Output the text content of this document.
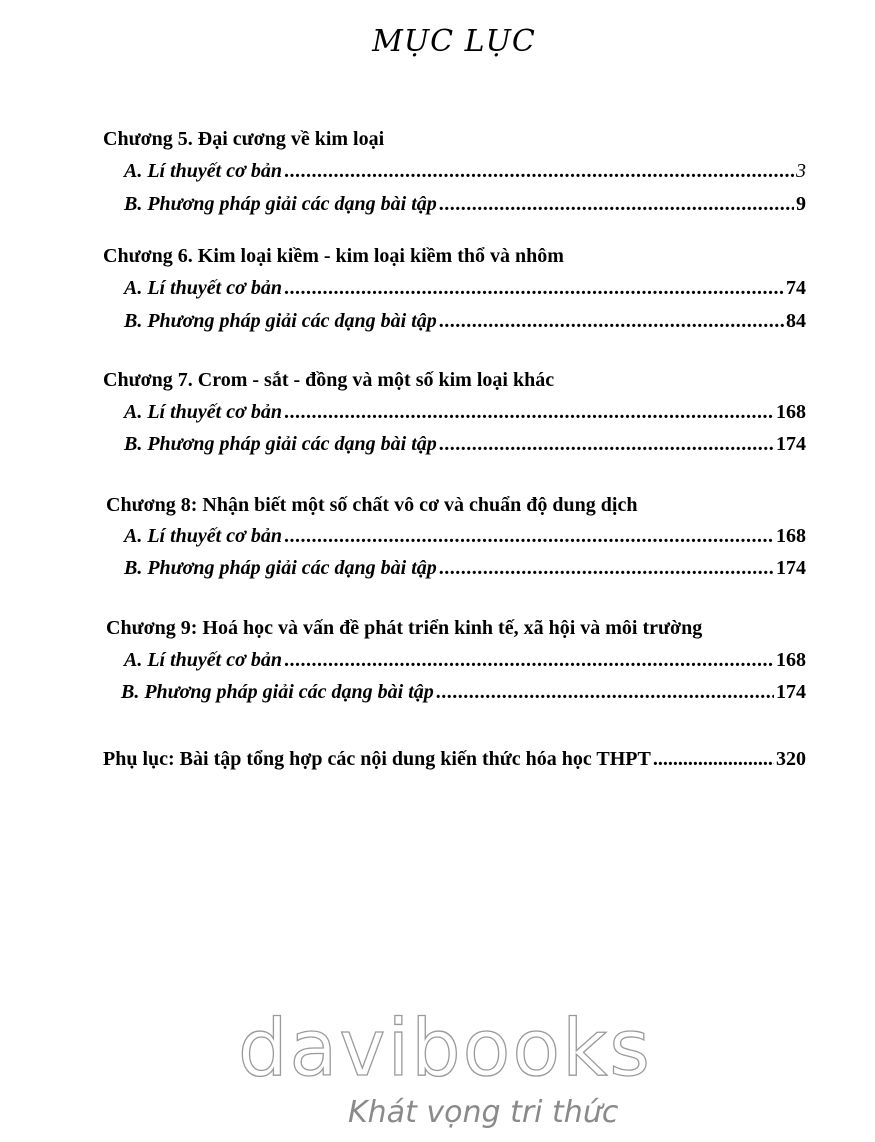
MỤC LỤC
Chương 5. Đại cương về kim loại
A. Lí thuyết cơ bản .....	3
B. Phương pháp giải các dạng bài tập .....	9
Chương 6. Kim loại kiềm - kim loại kiềm thổ và nhôm
A. Lí thuyết cơ bản .....	74
B. Phương pháp giải các dạng bài tập .....	84
Chương 7. Crom - sắt - đồng và một số kim loại khác
A. Lí thuyết cơ bản .....	168
B. Phương pháp giải các dạng bài tập .....	174
Chương 8: Nhận biết một số chất vô cơ và chuẩn độ dung dịch
A. Lí thuyết cơ bản .....	168
B. Phương pháp giải các dạng bài tập .....	174
Chương 9: Hoá học và vấn đề phát triển kinh tế, xã hội và môi trường
A. Lí thuyết cơ bản .....	168
B. Phương pháp giải các dạng bài tập .....	174
Phụ lục: Bài tập tổng hợp các nội dung kiến thức hóa học THPT .....	320
davibooks
Khát vọng tri thức
